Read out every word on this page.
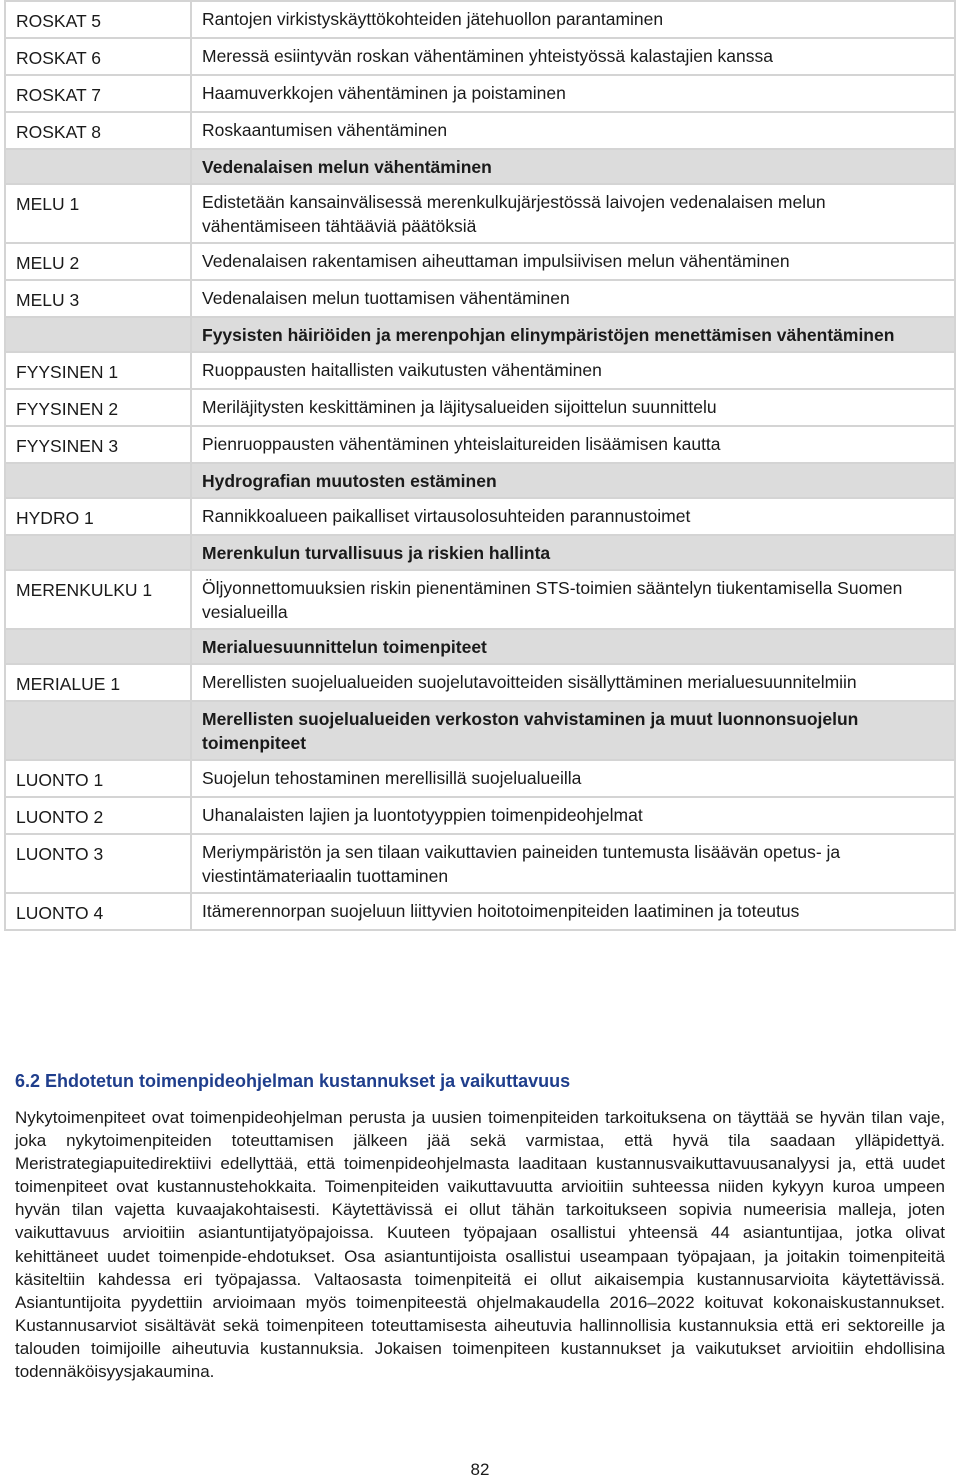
ROSKAT 5	Rantojen virkistyskäyttökohteiden jätehuollon parantaminen
ROSKAT 6	Meressä esiintyvän roskan vähentäminen yhteistyössä kalastajien kanssa
ROSKAT 7	Haamuverkkojen vähentäminen ja poistaminen
ROSKAT 8	Roskaantumisen vähentäminen
	Vedenalaisen melun vähentäminen
MELU 1	Edistetään kansainvälisessä merenkulkujärjestössä laivojen vedenalaisen melun vähentämiseen tähtääviä päätöksiä
MELU 2	Vedenalaisen rakentamisen aiheuttaman impulsiivisen melun vähentäminen
MELU 3	Vedenalaisen melun tuottamisen vähentäminen
	Fyysisten häiriöiden ja merenpohjan elinympäristöjen menettämisen vähentäminen
FYYSINEN 1	Ruoppausten haitallisten vaikutusten vähentäminen
FYYSINEN 2	Meriläjitysten keskittäminen ja läjitysalueiden sijoittelun suunnittelu
FYYSINEN 3	Pienruoppausten vähentäminen yhteislaitureiden lisäämisen kautta
	Hydrografian muutosten estäminen
HYDRO 1	Rannikkoalueen paikalliset virtausolosuhteiden parannustoimet
	Merenkulun turvallisuus ja riskien hallinta
MERENKULKU 1	Öljyonnettomuuksien riskin pienentäminen STS-toimien sääntelyn tiukentamisella Suomen vesialueilla
	Merialuesuunnittelun toimenpiteet
MERIALUE 1	Merellisten suojelualueiden suojelutavoitteiden sisällyttäminen merialuesuunnitelmiin
	Merellisten suojelualueiden verkoston vahvistaminen ja muut luonnonsuojelun toimenpiteet
LUONTO 1	Suojelun tehostaminen merellisillä suojelualueilla
LUONTO 2	Uhanalaisten lajien ja luontotyyppien toimenpideohjelmat
LUONTO 3	Meriympäristön ja sen tilaan vaikuttavien paineiden tuntemusta lisäävän opetus- ja viestintämateriaalin tuottaminen
LUONTO 4	Itämerennorpan suojeluun liittyvien hoitotoimenpiteiden laatiminen ja toteutus
6.2 Ehdotetun toimenpideohjelman kustannukset ja vaikuttavuus

Nykytoimenpiteet ovat toimenpideohjelman perusta ja uusien toimenpiteiden tarkoituksena on täyttää se hyvän tilan vaje, joka nykytoimenpiteiden toteuttamisen jälkeen jää sekä varmistaa, että hyvä tila saadaan ylläpidettyä. Meristrategiapuitedirektiivi edellyttää, että toimenpideohjelmasta laaditaan kustannusvaikuttavuusanalyysi ja, että uudet toimenpiteet ovat kustannustehokkaita. Toimenpiteiden vaikuttavuutta arvioitiin suhteessa niiden kykyyn kuroa umpeen hyvän tilan vajetta kuvaajakohtaisesti. Käytettävissä ei ollut tähän tarkoitukseen sopivia numeerisia malleja, joten vaikuttavuus arvioitiin asiantuntijatyöpajoissa. Kuuteen työpajaan osallistui yhteensä 44 asiantuntijaa, jotka olivat kehittäneet uudet toimenpide-ehdotukset. Osa asiantuntijoista osallistui useampaan työpajaan, ja joitakin toimenpiteitä käsiteltiin kahdessa eri työpajassa. Valtaosasta toimenpiteitä ei ollut aikaisempia kustannusarvioita käytettävissä. Asiantuntijoita pyydettiin arvioimaan myös toimenpiteestä ohjelmakaudella 2016–2022 koituvat kokonaiskustannukset. Kustannusarviot sisältävät sekä toimenpiteen toteuttamisesta aiheutuvia hallinnollisia kustannuksia että eri sektoreille ja talouden toimijoille aiheutuvia kustannuksia. Jokaisen toimenpiteen kustannukset ja vaikutukset arvioitiin ehdollisina todennäköisyysjakaumina.

82
